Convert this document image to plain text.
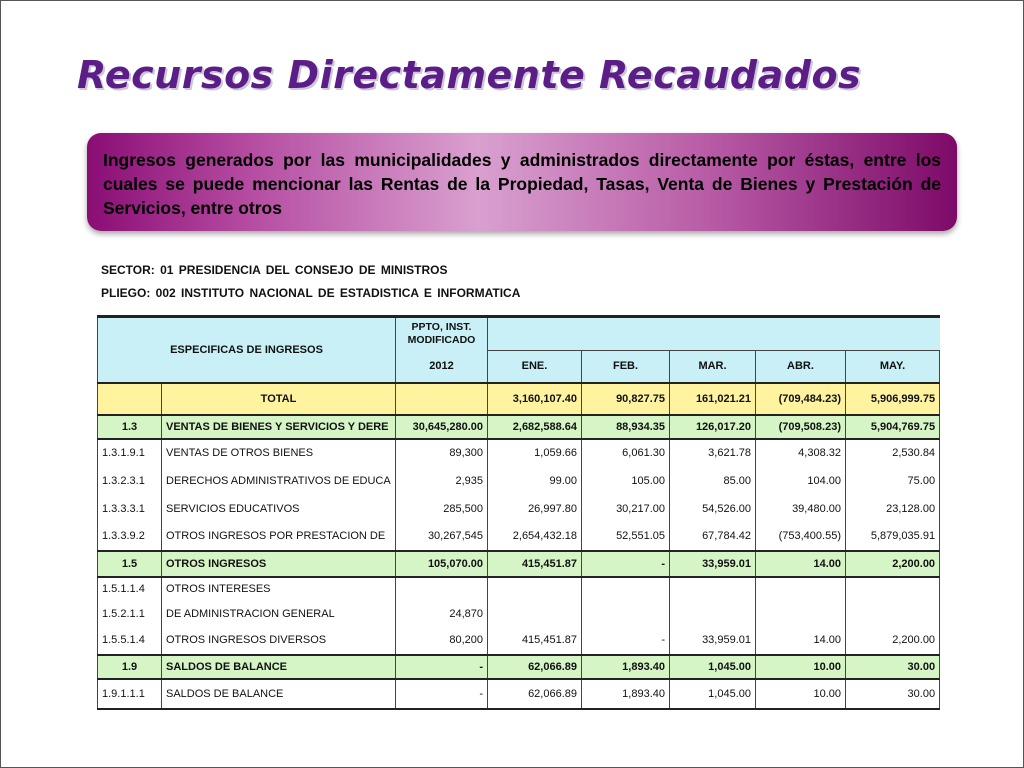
Recursos Directamente Recaudados
Ingresos generados por las municipalidades y administrados directamente por éstas, entre los cuales se puede mencionar las Rentas de la Propiedad, Tasas, Venta de Bienes y Prestación de Servicios, entre otros
SECTOR: 01 PRESIDENCIA DEL CONSEJO DE MINISTROS
PLIEGO: 002 INSTITUTO NACIONAL DE ESTADISTICA E INFORMATICA
ESPECIFICAS DE INGRESOS		PPTO, INST.
MODIFICADO					

		2012	ENE.	FEB.	MAR.	ABR.	MAY.
	TOTAL		3,160,107.40	90,827.75	161,021.21	(709,484.23)	5,906,999.75
1.3	VENTAS DE BIENES Y SERVICIOS Y DERE	30,645,280.00	2,682,588.64	88,934.35	126,017.20	(709,508.23)	5,904,769.75
1.3.1.9.1	VENTAS DE OTROS BIENES	89,300	1,059.66	6,061.30	3,621.78	4,308.32	2,530.84
1.3.2.3.1	DERECHOS ADMINISTRATIVOS DE EDUCA	2,935	99.00	105.00	85.00	104.00	75.00
1.3.3.3.1	SERVICIOS EDUCATIVOS	285,500	26,997.80	30,217.00	54,526.00	39,480.00	23,128.00
1.3.3.9.2	OTROS INGRESOS POR PRESTACION DE	30,267,545	2,654,432.18	52,551.05	67,784.42	(753,400.55)	5,879,035.91
1.5	OTROS INGRESOS	105,070.00	415,451.87	-	33,959.01	14.00	2,200.00
1.5.1.1.4	OTROS INTERESES						
1.5.2.1.1	DE ADMINISTRACION GENERAL	24,870					
1.5.5.1.4	OTROS INGRESOS DIVERSOS	80,200	415,451.87	-	33,959.01	14.00	2,200.00
1.9	SALDOS DE BALANCE	-	62,066.89	1,893.40	1,045.00	10.00	30.00
1.9.1.1.1	SALDOS DE BALANCE	-	62,066.89	1,893.40	1,045.00	10.00	30.00
